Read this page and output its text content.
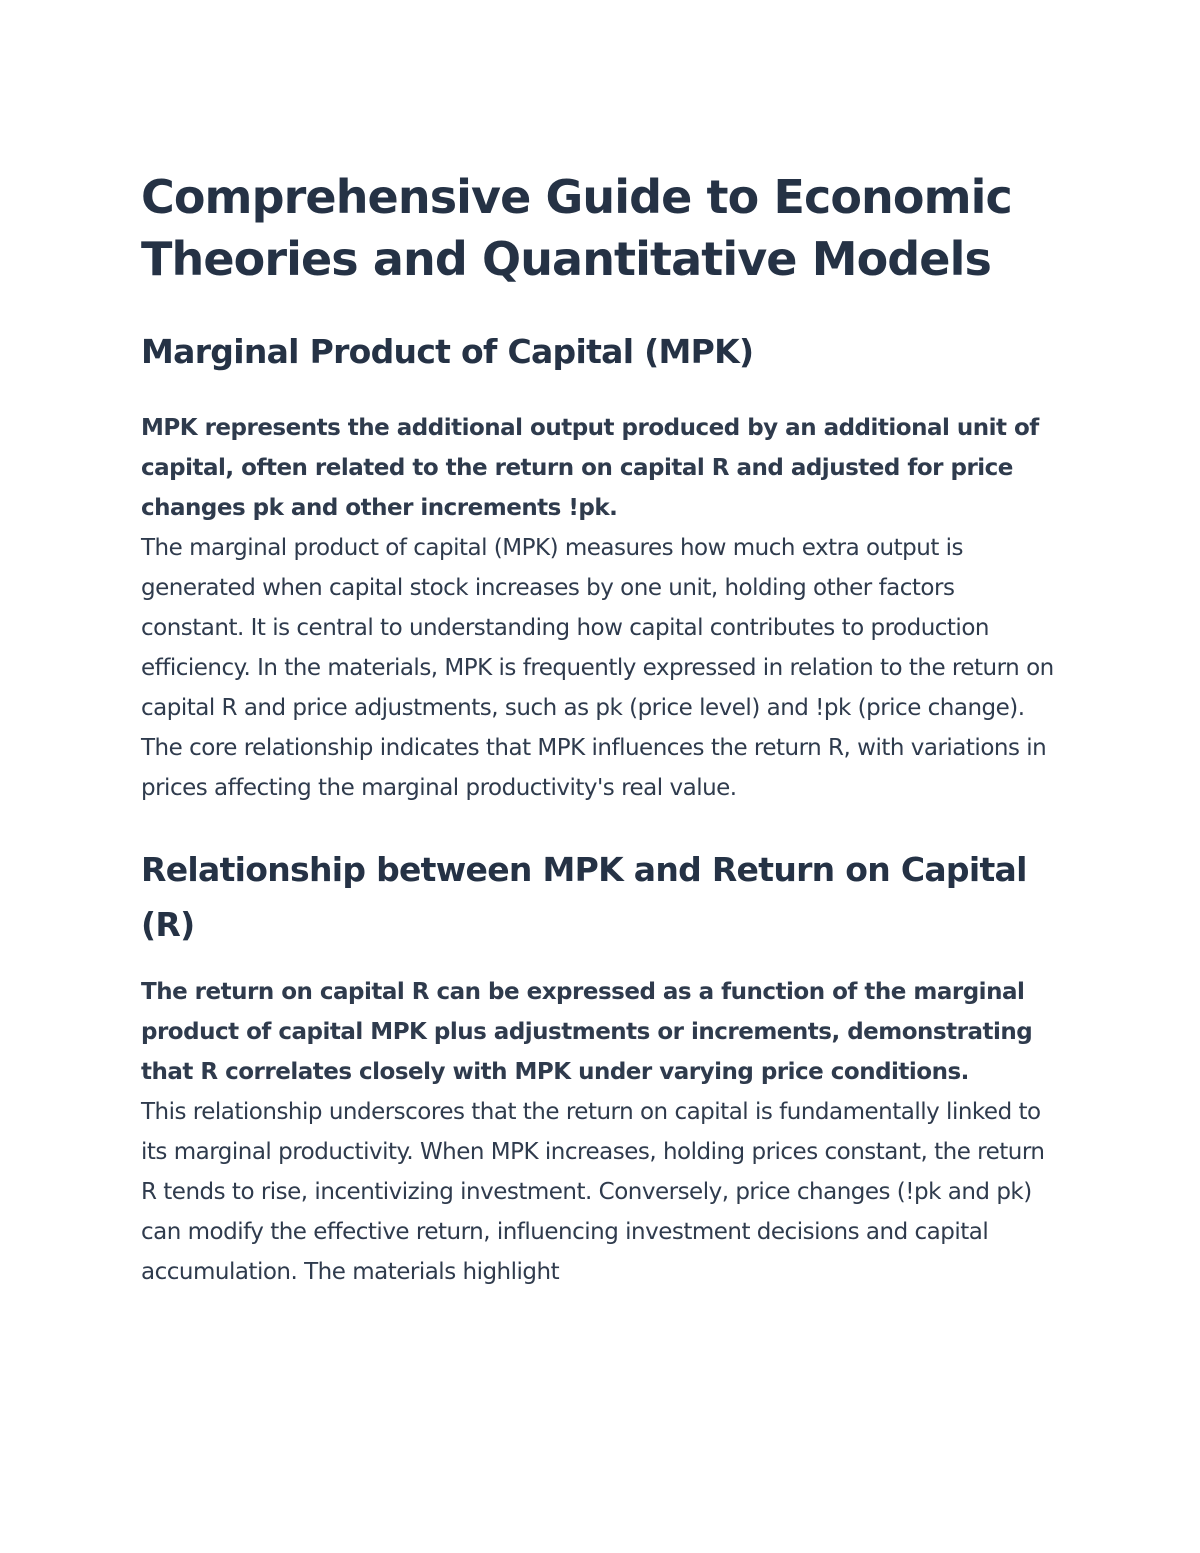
Comprehensive Guide to Economic Theories and Quantitative Models
Marginal Product of Capital (MPK)

MPK represents the additional output produced by an additional unit of capital, often related to the return on capital R and adjusted for price changes pk and other increments !pk.

The marginal product of capital (MPK) measures how much extra output is generated when capital stock increases by one unit, holding other factors constant. It is central to understanding how capital contributes to production efficiency. In the materials, MPK is frequently expressed in relation to the return on capital R and price adjustments, such as pk (price level) and !pk (price change). The core relationship indicates that MPK influences the return R, with variations in prices affecting the marginal productivity's real value.

Relationship between MPK and Return on Capital (R)

The return on capital R can be expressed as a function of the marginal product of capital MPK plus adjustments or increments, demonstrating that R correlates closely with MPK under varying price conditions.

This relationship underscores that the return on capital is fundamentally linked to its marginal productivity. When MPK increases, holding prices constant, the return R tends to rise, incentivizing investment. Conversely, price changes (!pk and pk) can modify the effective return, influencing investment decisions and capital accumulation. The materials highlight
